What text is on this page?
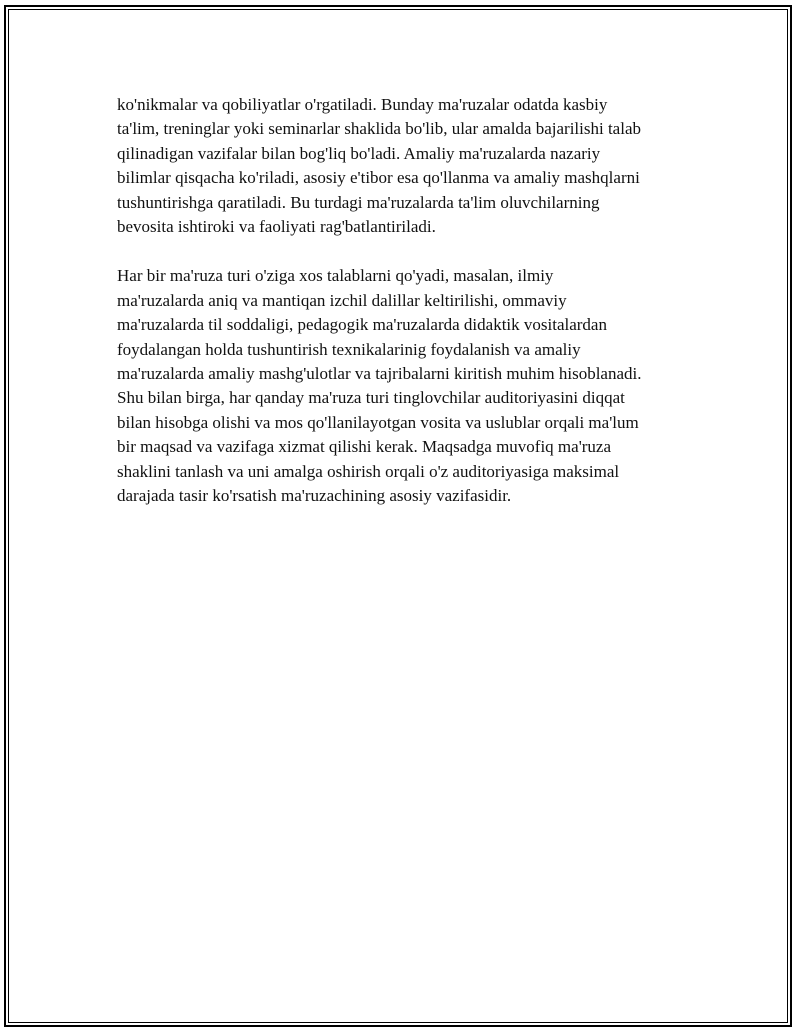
ko'nikmalar va qobiliyatlar o'rgatiladi. Bunday ma'ruzalar odatda kasbiy
ta'lim, treninglar yoki seminarlar shaklida bo'lib, ular amalda bajarilishi talab
qilinadigan vazifalar bilan bog'liq bo'ladi. Amaliy ma'ruzalarda nazariy
bilimlar qisqacha ko'riladi, asosiy e'tibor esa qo'llanma va amaliy mashqlarni
tushuntirishga qaratiladi. Bu turdagi ma'ruzalarda ta'lim oluvchilarning
bevosita ishtiroki va faoliyati rag'batlantiriladi.

Har bir ma'ruza turi o'ziga xos talablarni qo'yadi, masalan, ilmiy
ma'ruzalarda aniq va mantiqan izchil dalillar keltirilishi, ommaviy
ma'ruzalarda til soddaligi, pedagogik ma'ruzalarda didaktik vositalardan
foydalangan holda tushuntirish texnikalarinig foydalanish va amaliy
ma'ruzalarda amaliy mashg'ulotlar va tajribalarni kiritish muhim hisoblanadi.
Shu bilan birga, har qanday ma'ruza turi tinglovchilar auditoriyasini diqqat
bilan hisobga olishi va mos qo'llanilayotgan vosita va uslublar orqali ma'lum
bir maqsad va vazifaga xizmat qilishi kerak. Maqsadga muvofiq ma'ruza
shaklini tanlash va uni amalga oshirish orqali o'z auditoriyasiga maksimal
darajada tasir ko'rsatish ma'ruzachining asosiy vazifasidir.
